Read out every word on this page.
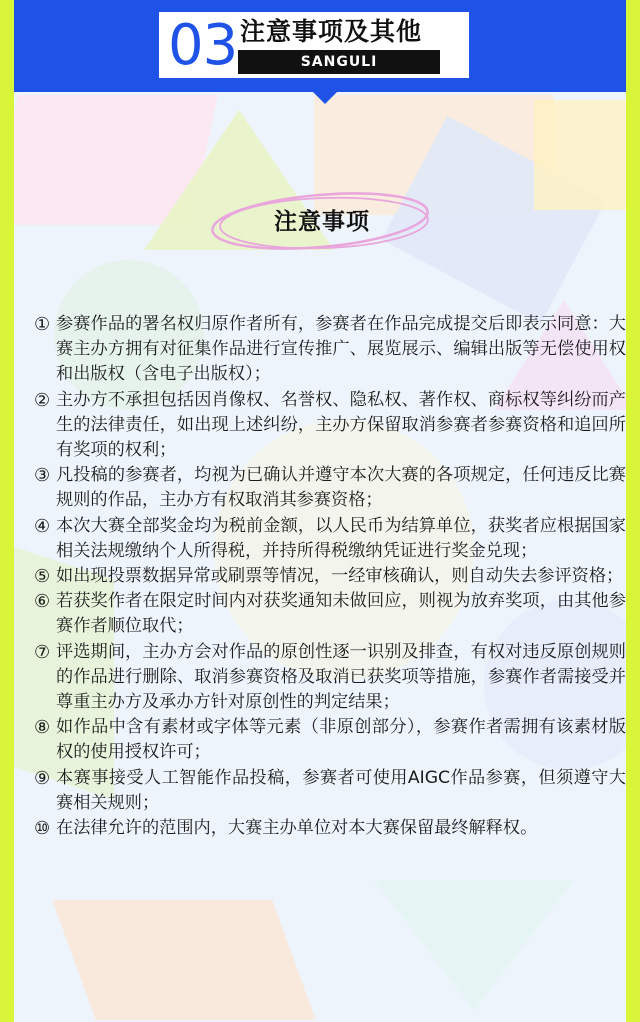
03 注意事项及其他
SANGULI
注意事项
① 参赛作品的署名权归原作者所有，参赛者在作品完成提交后即表示同意：大赛主办方拥有对征集作品进行宣传推广、展览展示、编辑出版等无偿使用权和出版权（含电子出版权）；
② 主办方不承担包括因肖像权、名誉权、隐私权、著作权、商标权等纠纷而产生的法律责任，如出现上述纠纷，主办方保留取消参赛者参赛资格和追回所有奖项的权利；
③ 凡投稿的参赛者，均视为已确认并遵守本次大赛的各项规定，任何违反比赛规则的作品，主办方有权取消其参赛资格；
④ 本次大赛全部奖金均为税前金额，以人民币为结算单位，获奖者应根据国家相关法规缴纳个人所得税，并持所得税缴纳凭证进行奖金兑现；
⑤ 如出现投票数据异常或刷票等情况，一经审核确认，则自动失去参评资格；
⑥ 若获奖作者在限定时间内对获奖通知未做回应，则视为放弃奖项，由其他参赛作者顺位取代；
⑦ 评选期间，主办方会对作品的原创性逐一识别及排查，有权对违反原创规则的作品进行删除、取消参赛资格及取消已获奖项等措施，参赛作者需接受并尊重主办方及承办方针对原创性的判定结果；
⑧ 如作品中含有素材或字体等元素（非原创部分），参赛作者需拥有该素材版权的使用授权许可；
⑨ 本赛事接受人工智能作品投稿，参赛者可使用AIGC作品参赛，但须遵守大赛相关规则；
⑩ 在法律允许的范围内，大赛主办单位对本大赛保留最终解释权。
